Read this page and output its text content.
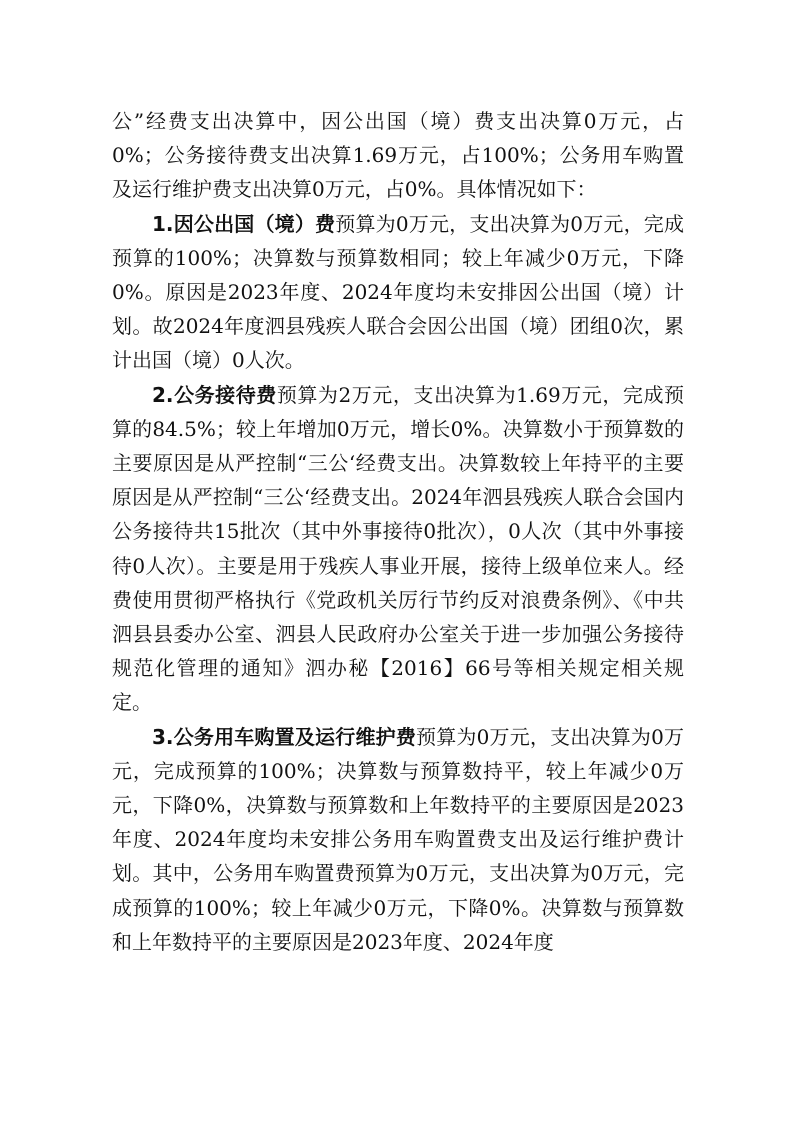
公”经费支出决算中，因公出国（境）费支出决算0万元，占0%；公务接待费支出决算1.69万元，占100%；公务用车购置及运行维护费支出决算0万元，占0%。具体情况如下：

1.因公出国（境）费预算为0万元，支出决算为0万元，完成预算的100%；决算数与预算数相同；较上年减少0万元，下降0%。原因是2023年度、2024年度均未安排因公出国（境）计划。故2024年度泗县残疾人联合会因公出国（境）团组0次，累计出国（境）0人次。

2.公务接待费预算为2万元，支出决算为1.69万元，完成预算的84.5%；较上年增加0万元，增长0%。决算数小于预算数的主要原因是从严控制“三公‘经费支出。决算数较上年持平的主要原因是从严控制“三公‘经费支出。2024年泗县残疾人联合会国内公务接待共15批次（其中外事接待0批次），0人次（其中外事接待0人次）。主要是用于残疾人事业开展，接待上级单位来人。经费使用贯彻严格执行《党政机关厉行节约反对浪费条例》、《中共泗县县委办公室、泗县人民政府办公室关于进一步加强公务接待规范化管理的通知》泗办秘【2016】66号等相关规定相关规定。

3.公务用车购置及运行维护费预算为0万元，支出决算为0万元，完成预算的100%；决算数与预算数持平，较上年减少0万元，下降0%，决算数与预算数和上年数持平的主要原因是2023年度、2024年度均未安排公务用车购置费支出及运行维护费计划。其中，公务用车购置费预算为0万元，支出决算为0万元，完成预算的100%；较上年减少0万元，下降0%。决算数与预算数和上年数持平的主要原因是2023年度、2024年度
